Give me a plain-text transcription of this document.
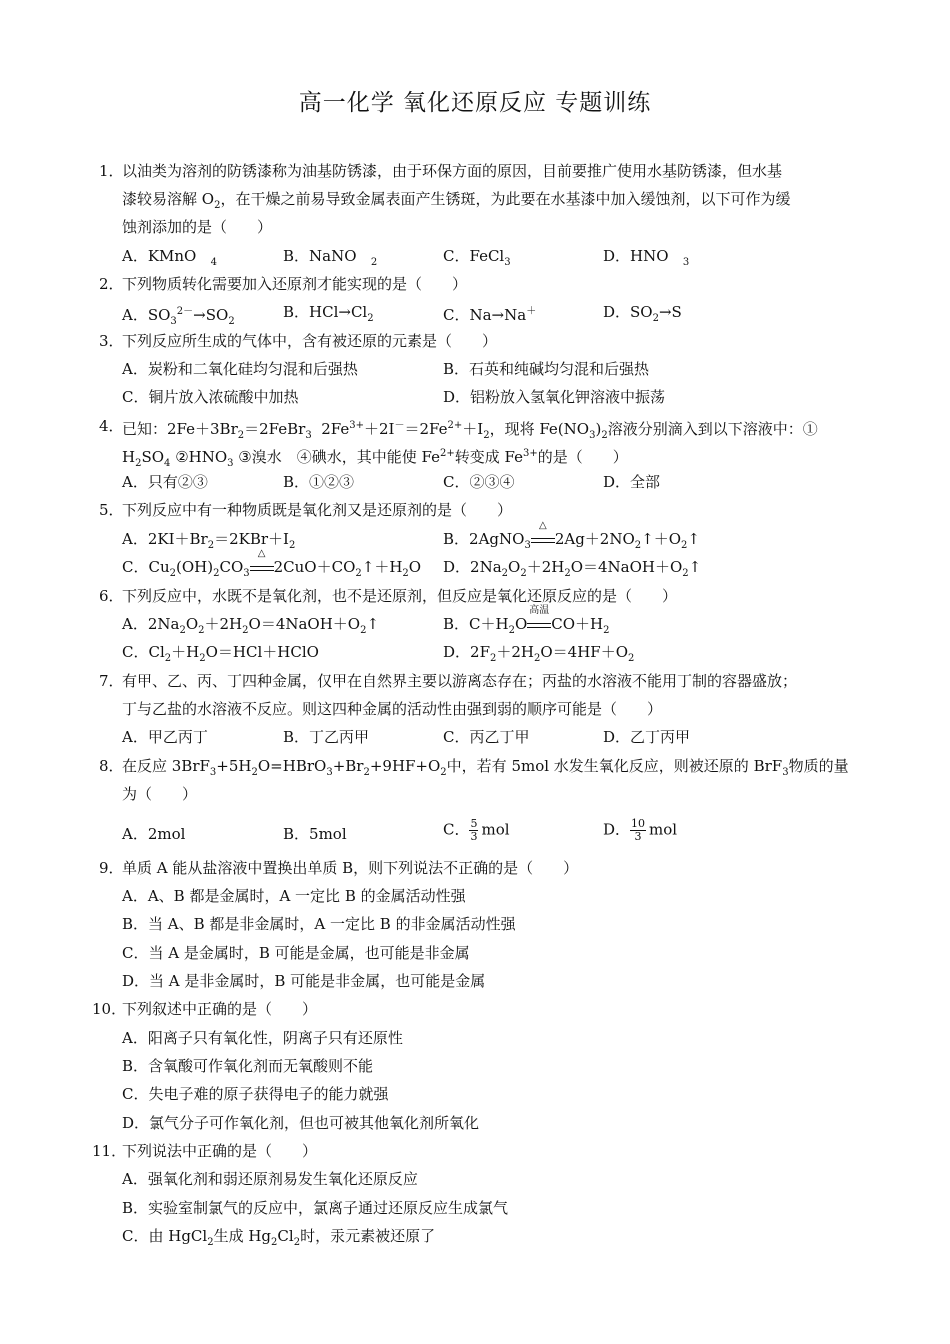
高一化学 氧化还原反应 专题训练
1．
以油类为溶剂的防锈漆称为油基防锈漆，由于环保方面的原因，目前要推广使用水基防锈漆，但水基
漆较易溶解 $O_2$，在干燥之前易导致金属表面产生锈斑，为此要在水基漆中加入缓蚀剂，以下可作为缓
蚀剂添加的是（　　）
A．KMnO $_4$	B．NaNO $_2$	C．FeCl$_3$	D．HNO $_3$
2．
下列物质转化需要加入还原剂才能实现的是（　　）
A．$SO_3^{2-}\to SO_2$
B．$HCl\to Cl_2$	C．Na→Na＋	D．$SO_2\to S$
3．
下列反应所生成的气体中，含有被还原的元素是（　　）
A．炭粉和二氧化硅均匀混和后强热	B．石英和纯碱均匀混和后强热
C．铜片放入浓硫酸中加热	D．铝粉放入氢氧化钾溶液中振荡
4．
已知：$2Fe+3Br_2=2FeBr_3$  $2Fe^{3+}+2I^-=2Fe^{2+}+I_2$，现将 $Fe(NO_3)_2$溶液分别滴入到以下溶液中：①
$H_2SO_4$ $②HNO_3$ ③溴水　④碘水，其中能使 $Fe^{2+}$转变成 $Fe^{3+}$的是（　　）
A．只有②③	B．①②③	C．②③④	D．全部
5．
下列反应中有一种物质既是氧化剂又是还原剂的是（　　）
A．$2KI+Br_2=2KBr+I_2$	B．2AgNO$_3$
△
$2Ag+2NO_2↑+O_2↑$
C．$Cu_2(OH)_2CO_3$
△
$2CuO+CO_2↑+H_2O$ D．$2Na_2O_2+2H_2O=4NaOH+O_2↑$
6．
下列反应中，水既不是氧化剂，也不是还原剂，但反应是氧化还原反应的是（　　）
A．$2Na_2O_2+2H_2O=4NaOH+O_2↑$	B．$C+H_2O$
高温
$CO+H_2$
C．$Cl_2+H_2O=HCl+HClO$	D．$2F_2+2H_2O=4HF+O_2$
7．
有甲、乙、丙、丁四种金属，仅甲在自然界主要以游离态存在；丙盐的水溶液不能用丁制的容器盛放；
丁与乙盐的水溶液不反应。则这四种金属的活动性由强到弱的顺序可能是（　　）
A．甲乙丙丁	B．丁乙丙甲	C．丙乙丁甲	D．乙丁丙甲
8．
在反应 $3BrF_3+5H_2O=HBrO_3+Br_2+9HF+O_2$中，若有 5mol 水发生氧化反应，则被还原的 BrF$_3$物质的量
为（　　）
A．2mol	B．5mol	C． $\frac{5}{3}$ mol	D． $\frac{10}{3}$ mol
9．
单质 A 能从盐溶液中置换出单质 B，则下列说法不正确的是（　　）
A．A、B 都是金属时，A 一定比 B 的金属活动性强
B．当 A、B 都是非金属时，A 一定比 B 的非金属活动性强
C．当 A 是金属时，B 可能是金属，也可能是非金属
D．当 A 是非金属时，B 可能是非金属，也可能是金属
10．
下列叙述中正确的是（　　）
A．阳离子只有氧化性，阴离子只有还原性
B．含氧酸可作氧化剂而无氧酸则不能
C．失电子难的原子获得电子的能力就强
D．氯气分子可作氧化剂，但也可被其他氧化剂所氧化
11．
下列说法中正确的是（　　）
A．强氧化剂和弱还原剂易发生氧化还原反应
B．实验室制氯气的反应中，氯离子通过还原反应生成氯气
C．由 HgCl$_2$生成 $Hg_2Cl_2$时，汞元素被还原了
